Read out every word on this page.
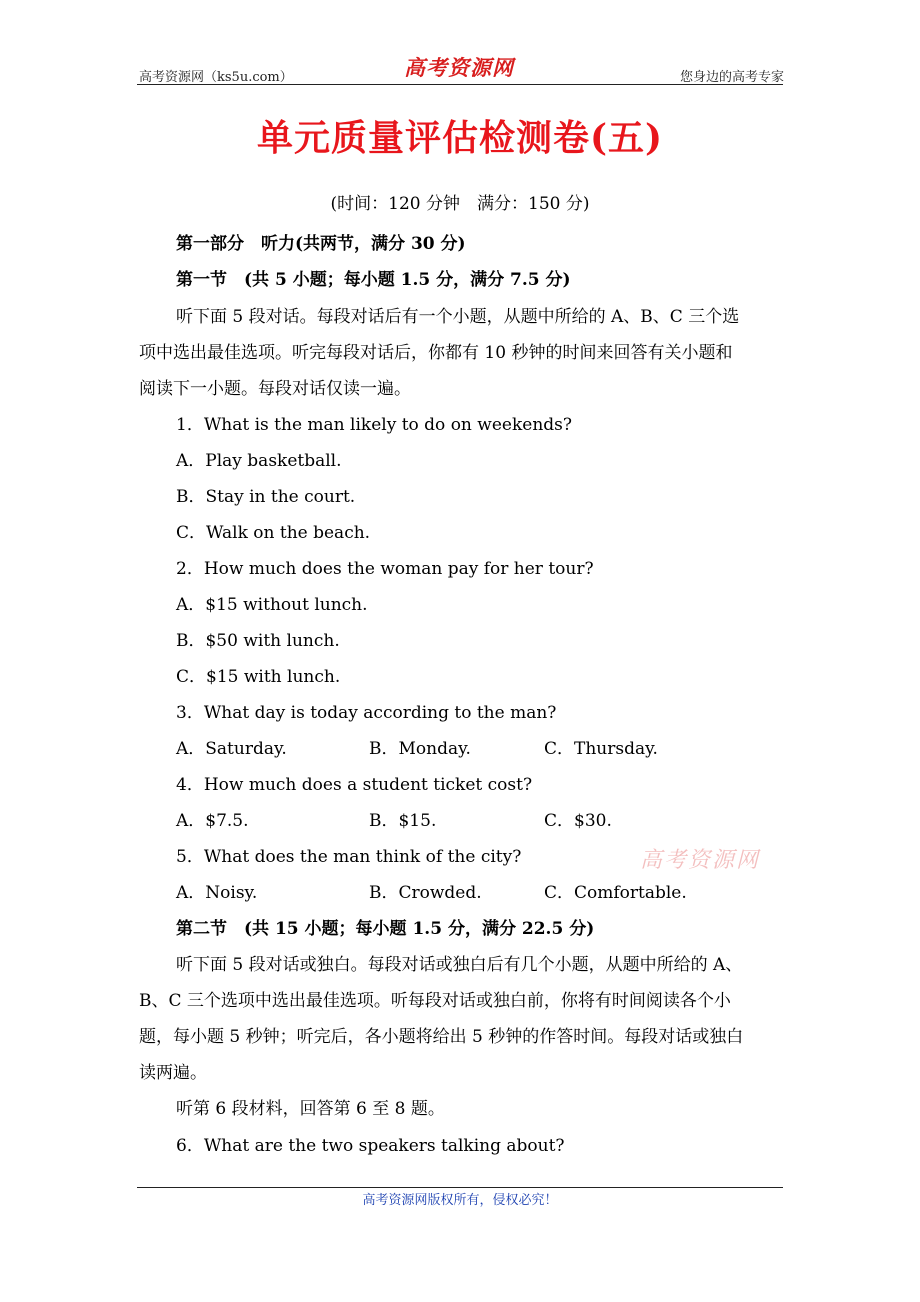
高考资源网（ks5u.com）	高考资源网	您身边的高考专家
单元质量评估检测卷(五)
(时间：120 分钟　满分：150 分)
第一部分　听力(共两节，满分 30 分)
第一节　(共 5 小题；每小题 1.5 分，满分 7.5 分)
听下面 5 段对话。每段对话后有一个小题，从题中所给的 A、B、C 三个选
项中选出最佳选项。听完每段对话后，你都有 10 秒钟的时间来回答有关小题和
阅读下一小题。每段对话仅读一遍。
1．What is the man likely to do on weekends?
A．Play basketball.
B．Stay in the court.
C．Walk on the beach.
2．How much does the woman pay for her tour?
A．$15 without lunch.
B．$50 with lunch.
C．$15 with lunch.
3．What day is today according to the man?
A．Saturday.	B．Monday.	C．Thursday.
4．How much does a student ticket cost?
A．$7.5.	B．$15.	C．$30.
5．What does the man think of the city?
A．Noisy.	B．Crowded.	C．Comfortable.
高考资源网
第二节　(共 15 小题；每小题 1.5 分，满分 22.5 分)
听下面 5 段对话或独白。每段对话或独白后有几个小题，从题中所给的 A、
B、C 三个选项中选出最佳选项。听每段对话或独白前，你将有时间阅读各个小
题，每小题 5 秒钟；听完后，各小题将给出 5 秒钟的作答时间。每段对话或独白
读两遍。
听第 6 段材料，回答第 6 至 8 题。
6．What are the two speakers talking about?
高考资源网版权所有，侵权必究！
